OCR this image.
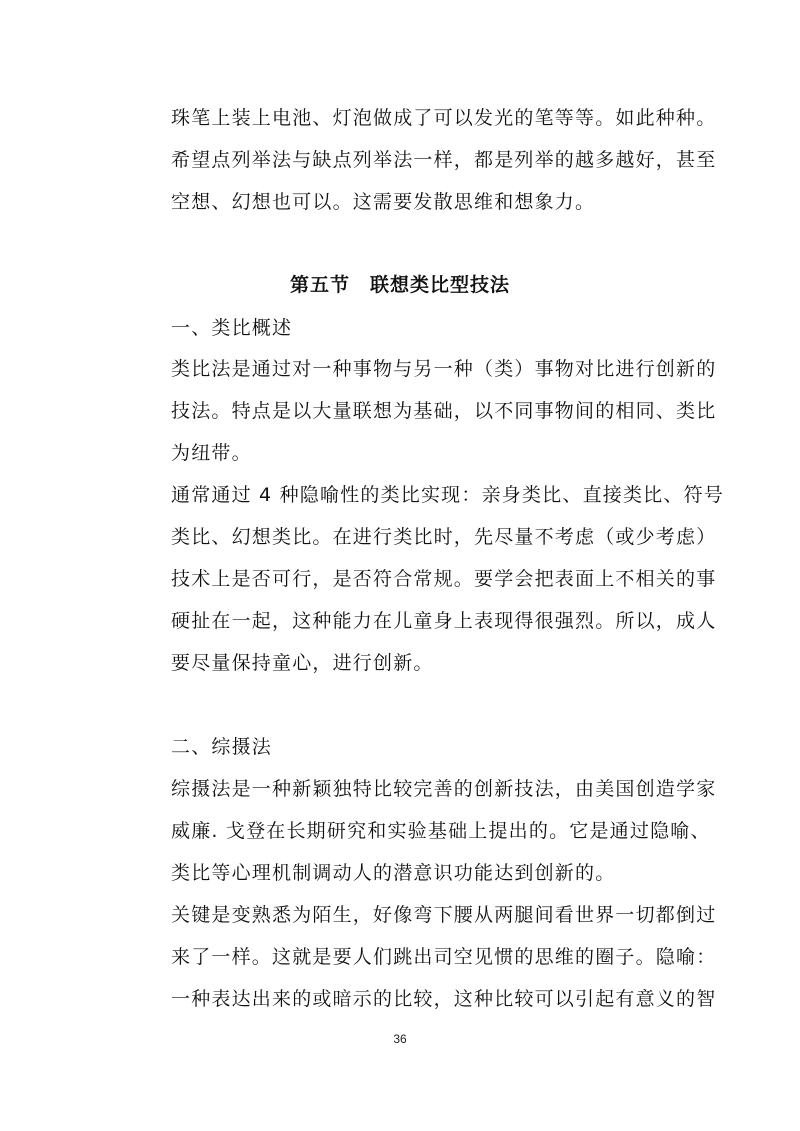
珠笔上装上电池、灯泡做成了可以发光的笔等等。如此种种。

希望点列举法与缺点列举法一样，都是列举的越多越好，甚至

空想、幻想也可以。这需要发散思维和想象力。

第五节　联想类比型技法

一、类比概述

类比法是通过对一种事物与另一种（类）事物对比进行创新的

技法。特点是以大量联想为基础，以不同事物间的相同、类比

为纽带。

通常通过 4 种隐喻性的类比实现：亲身类比、直接类比、符号

类比、幻想类比。在进行类比时，先尽量不考虑（或少考虑）

技术上是否可行，是否符合常规。要学会把表面上不相关的事

硬扯在一起，这种能力在儿童身上表现得很强烈。所以，成人

要尽量保持童心，进行创新。

二、综摄法

综摄法是一种新颖独特比较完善的创新技法，由美国创造学家

威廉. 戈登在长期研究和实验基础上提出的。它是通过隐喻、

类比等心理机制调动人的潜意识功能达到创新的。

关键是变熟悉为陌生，好像弯下腰从两腿间看世界一切都倒过

来了一样。这就是要人们跳出司空见惯的思维的圈子。隐喻：

一种表达出来的或暗示的比较，这种比较可以引起有意义的智

36
